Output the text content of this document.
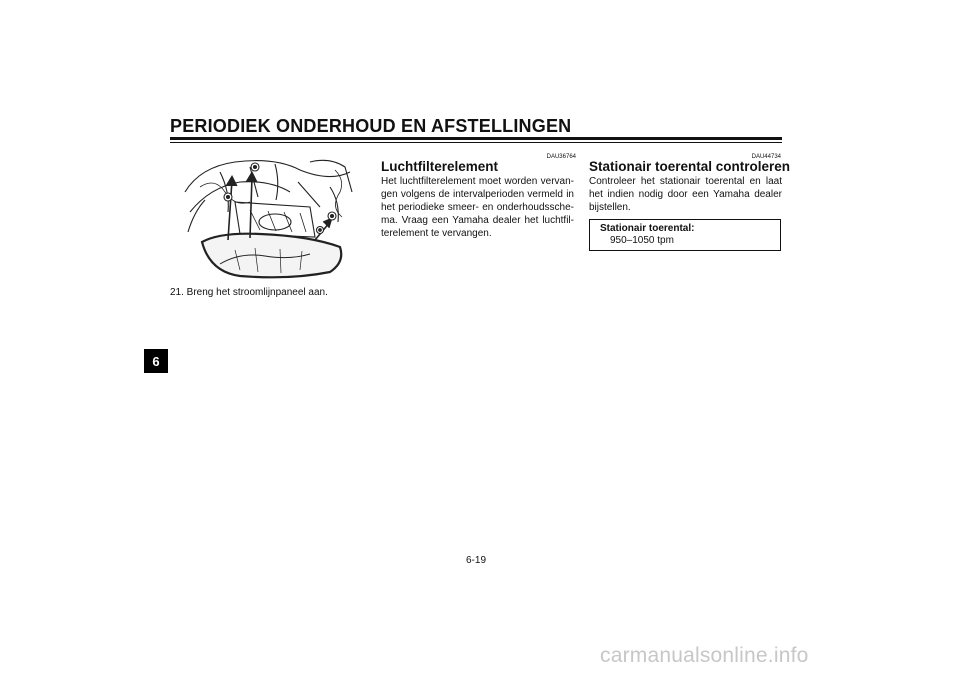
PERIODIEK ONDERHOUD EN AFSTELLINGEN
6
21. Breng het stroomlijnpaneel aan.
DAU36764
Luchtfilterelement
Het luchtfilterelement moet worden vervan-
gen volgens de intervalperioden vermeld in
het periodieke smeer- en onderhoudssche-
ma. Vraag een Yamaha dealer het luchtfil-
terelement te vervangen.
DAU44734
Stationair toerental controleren
Controleer het stationair toerental en laat
het indien nodig door een Yamaha dealer
bijstellen.
Stationair toerental:
950–1050 tpm
6-19
carmanualsonline.info
